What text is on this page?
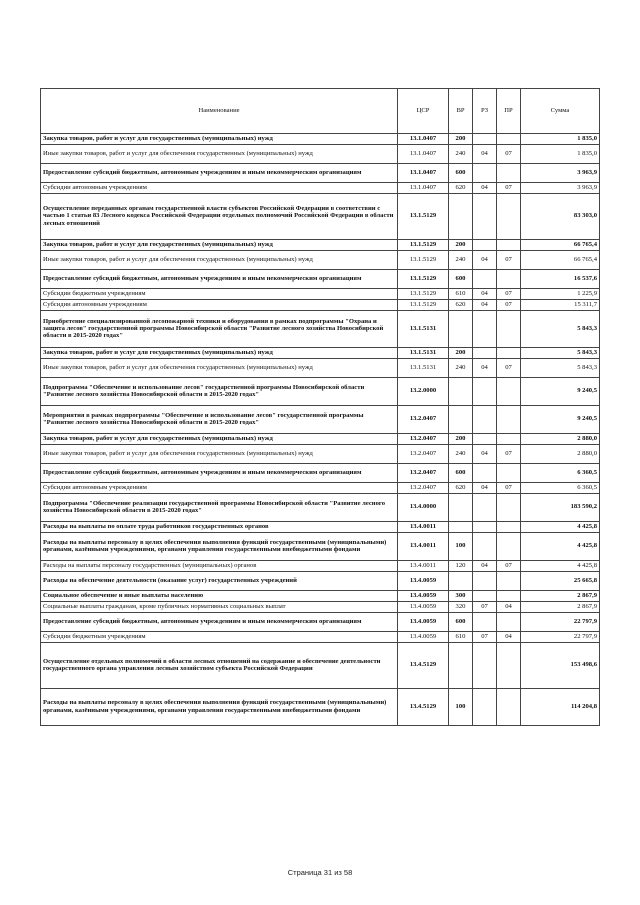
Наименование	ЦСР	ВР	РЗ	ПР	Сумма
Закупка товаров, работ и услуг для государственных (муниципальных) нужд	13.1.0407	200			1 835,0
Иные закупки товаров, работ и услуг для обеспечения государственных (муниципальных) нужд	13.1.0407	240	04	07	1 835,0
Предоставление субсидий бюджетным, автономным учреждениям и иным некоммерческим организациям	13.1.0407	600			3 963,9
Субсидии автономным учреждениям	13.1.0407	620	04	07	3 963,9
Осуществление переданных органам государственной власти субъектов Российской Федерации в соответствии с частью 1 статьи 83 Лесного кодекса Российской Федерации отдельных полномочий Российской Федерации в области лесных отношений	13.1.5129				83 303,0
Закупка товаров, работ и услуг для государственных (муниципальных) нужд	13.1.5129	200			66 765,4
Иные закупки товаров, работ и услуг для обеспечения государственных (муниципальных) нужд	13.1.5129	240	04	07	66 765,4
Предоставление субсидий бюджетным, автономным учреждениям и иным некоммерческим организациям	13.1.5129	600			16 537,6
Субсидии бюджетным учреждениям	13.1.5129	610	04	07	1 225,9
Субсидии автономным учреждениям	13.1.5129	620	04	07	15 311,7
Приобретение специализированной лесопожарной техники и оборудования в рамках подпрограммы "Охрана и защита лесов" государственной программы Новосибирской области "Развитие лесного хозяйства Новосибирской области в 2015-2020 годах"	13.1.5131				5 843,3
Закупка товаров, работ и услуг для государственных (муниципальных) нужд	13.1.5131	200			5 843,3
Иные закупки товаров, работ и услуг для обеспечения государственных (муниципальных) нужд	13.1.5131	240	04	07	5 843,3
Подпрограмма "Обеспечение и использование лесов" государственной программы Новосибирской области "Развитие лесного хозяйства Новосибирской области в 2015-2020 годах"	13.2.0000				9 240,5
Мероприятия в рамках подпрограммы "Обеспечение и использование лесов" государственной программы "Развитие лесного хозяйства Новосибирской области в 2015-2020 годах"	13.2.0407				9 240,5
Закупка товаров, работ и услуг для государственных (муниципальных) нужд	13.2.0407	200			2 880,0
Иные закупки товаров, работ и услуг для обеспечения государственных (муниципальных) нужд	13.2.0407	240	04	07	2 880,0
Предоставление субсидий бюджетным, автономным учреждениям и иным некоммерческим организациям	13.2.0407	600			6 360,5
Субсидии автономным учреждениям	13.2.0407	620	04	07	6 360,5
Подпрограмма "Обеспечение реализации государственной программы Новосибирской области "Развитие лесного хозяйства Новосибирской области в 2015-2020 годах"	13.4.0000				183 590,2
Расходы на выплаты по оплате труда работников государственных органов	13.4.0011				4 425,8
Расходы на выплаты персоналу в целях обеспечения выполнения функций государственными (муниципальными) органами, казёнными учреждениями, органами управления государственными внебюджетными фондами	13.4.0011	100			4 425,8
Расходы на выплаты персоналу государственных (муниципальных) органов	13.4.0011	120	04	07	4 425,8
Расходы на обеспечение деятельности (оказание услуг) государственных учреждений	13.4.0059				25 665,8
Социальное обеспечение и иные выплаты населению	13.4.0059	300			2 867,9
Социальные выплаты гражданам, кроме публичных нормативных социальных выплат	13.4.0059	320	07	04	2 867,9
Предоставление субсидий бюджетным, автономным учреждениям и иным некоммерческим организациям	13.4.0059	600			22 797,9
Субсидии бюджетным учреждениям	13.4.0059	610	07	04	22 797,9
Осуществление отдельных полномочий в области лесных отношений на содержание и обеспечение деятельности государственного органа управления лесным хозяйством субъекта Российской Федерации	13.4.5129				153 498,6
Расходы на выплаты персоналу в целях обеспечения выполнения функций государственными (муниципальными) органами, казёнными учреждениями, органами управления государственными внебюджетными фондами	13.4.5129	100			114 204,8
Страница 31 из 58
